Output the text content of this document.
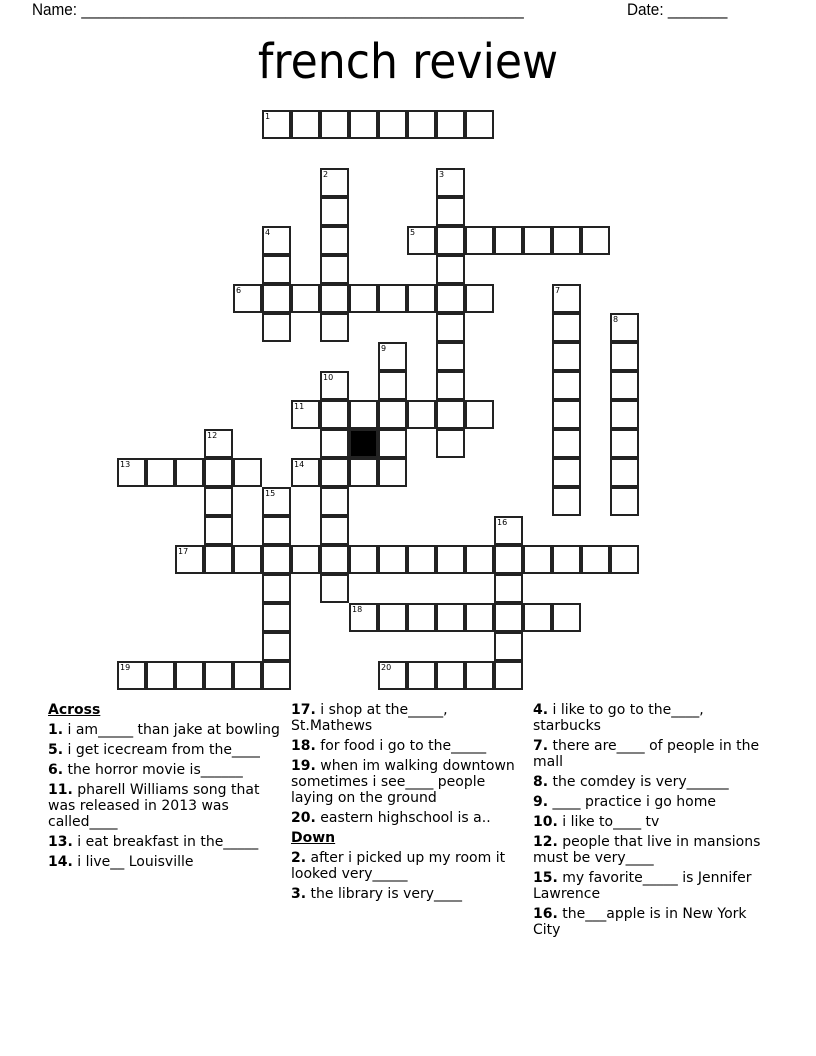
Name: ____________________________________________________	Date: _______
french review
1
2	3
4	5
6	7
8
9
10
11
12
13	14
15
16
17
18
19	20
Across
1. i am_____ than jake at bowling
5. i get icecream from the____
6. the horror movie is______
11. pharell Williams song that was released in 2013 was called____
13. i eat breakfast in the_____
14. i live__ Louisville
17. i shop at the_____, St.Mathews
18. for food i go to the_____
19. when im walking downtown sometimes i see____ people laying on the ground
20. eastern highschool is a..
Down
2. after i picked up my room it looked very_____
3. the library is very____
4. i like to go to the____, starbucks
7. there are____ of people in the mall
8. the comdey is very______
9. ____ practice i go home
10. i like to____ tv
12. people that live in mansions must be very____
15. my favorite_____ is Jennifer Lawrence
16. the___apple is in New York City
